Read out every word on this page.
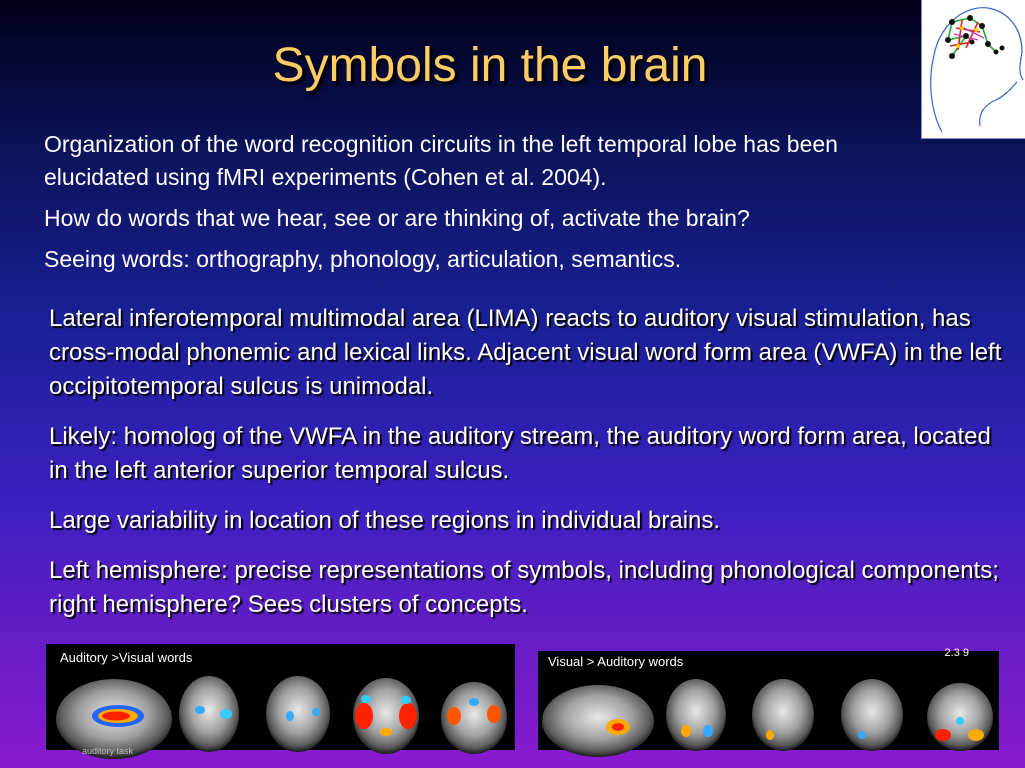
Symbols in the brain

Organization of the word recognition circuits in the left temporal lobe has been elucidated using fMRI experiments (Cohen et al. 2004).

How do words that we hear, see or are thinking of, activate the brain?

Seeing words: orthography, phonology, articulation, semantics.

Lateral inferotemporal multimodal area (LIMA) reacts to auditory visual stimulation, has cross-modal phonemic and lexical links. Adjacent visual word form area (VWFA) in the left occipitotemporal sulcus is unimodal.

Likely: homolog of the VWFA in the auditory stream, the auditory word form area, located in the left anterior superior temporal sulcus.

Large variability in location of these regions in individual brains.

Left hemisphere: precise representations of symbols, including phonological components; right hemisphere? Sees clusters of concepts.

Auditory >Visual words
auditory task
Visual > Auditory words
2.3 9
